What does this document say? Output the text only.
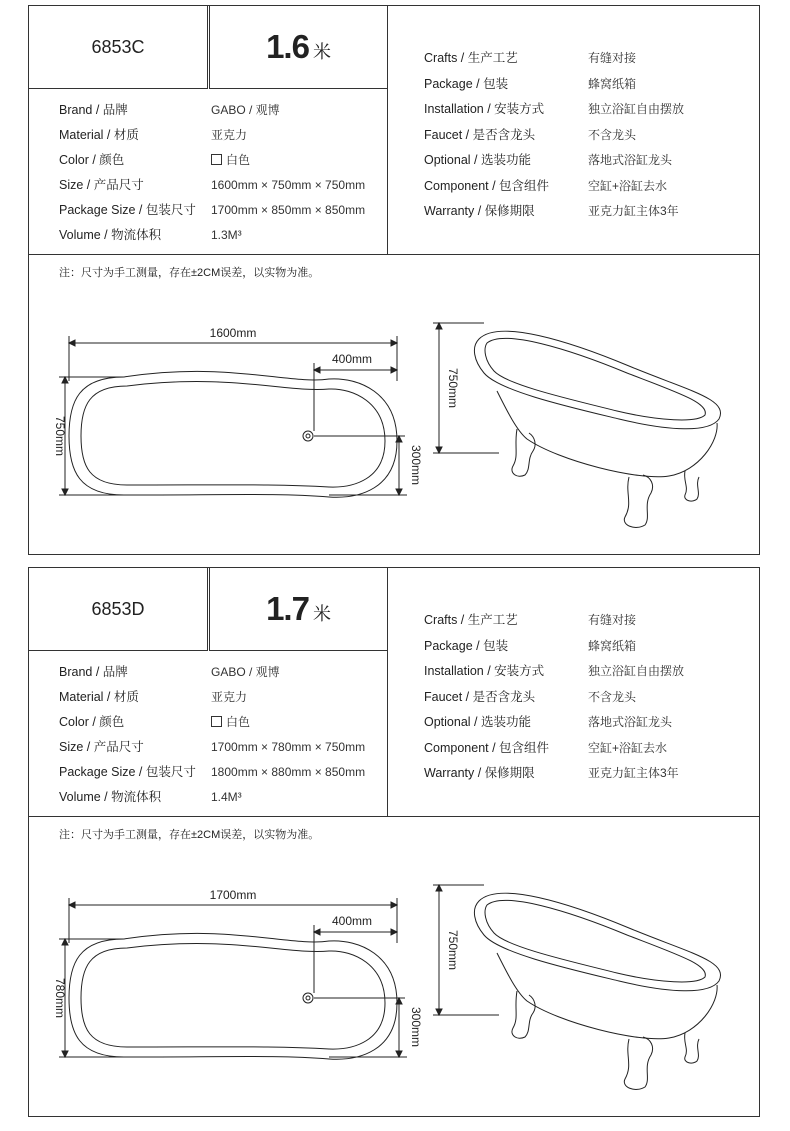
6853C	1.6 米
Brand / 品牌	GABO / 观博
Material / 材质	亚克力
Color / 颜色	白色
Size / 产品尺寸	1600mm × 750mm × 750mm
Package Size / 包装尺寸 1700mm × 850mm × 850mm
Volume / 物流体积	1.3M³
Crafts / 生产工艺	有缝对接
Package / 包装	蜂窝纸箱
Installation / 安装方式	独立浴缸自由摆放
Faucet / 是否含龙头	不含龙头
Optional / 选装功能	落地式浴缸龙头
Component / 包含组件	空缸+浴缸去水
Warranty / 保修期限	亚克力缸主体3年
注：尺寸为手工测量，存在±2CM误差，以实物为准。
1600mm
400mm
750mm
300mm
750mm
6853D	1.7 米
Brand / 品牌	GABO / 观博
Material / 材质	亚克力
Color / 颜色	白色
Size / 产品尺寸	1700mm × 780mm × 750mm
Package Size / 包装尺寸 1800mm × 880mm × 850mm
Volume / 物流体积	1.4M³
Crafts / 生产工艺	有缝对接
Package / 包装	蜂窝纸箱
Installation / 安装方式	独立浴缸自由摆放
Faucet / 是否含龙头	不含龙头
Optional / 选装功能	落地式浴缸龙头
Component / 包含组件	空缸+浴缸去水
Warranty / 保修期限	亚克力缸主体3年
注：尺寸为手工测量，存在±2CM误差，以实物为准。
1700mm
400mm
780mm
300mm
750mm
